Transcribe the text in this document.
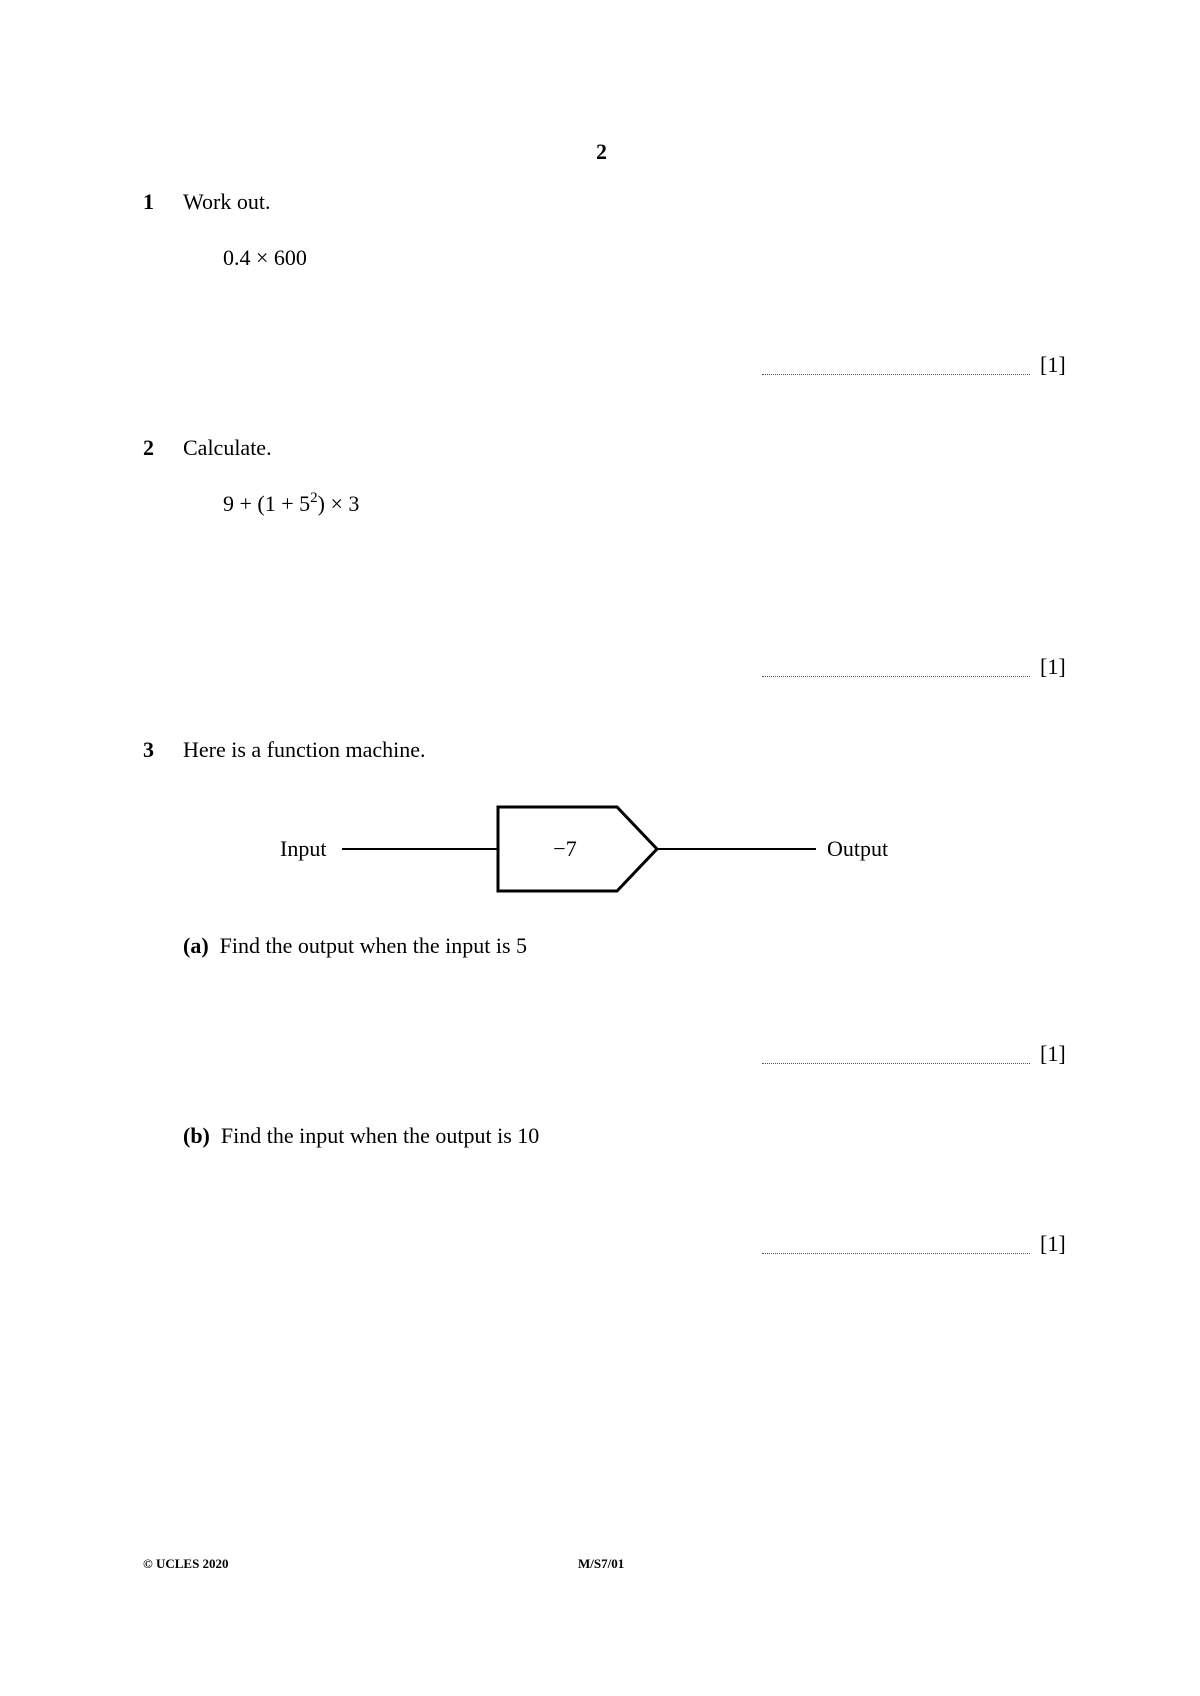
2
1 Work out.
0.4 × 600
[1]
2 Calculate.
$9 + (1 + 5^2) \times 3$
[1]
3 Here is a function machine.
Input	−7	Output
(a) Find the output when the input is 5
[1]
(b) Find the input when the output is 10
[1]
© UCLES 2020	M/S7/01
